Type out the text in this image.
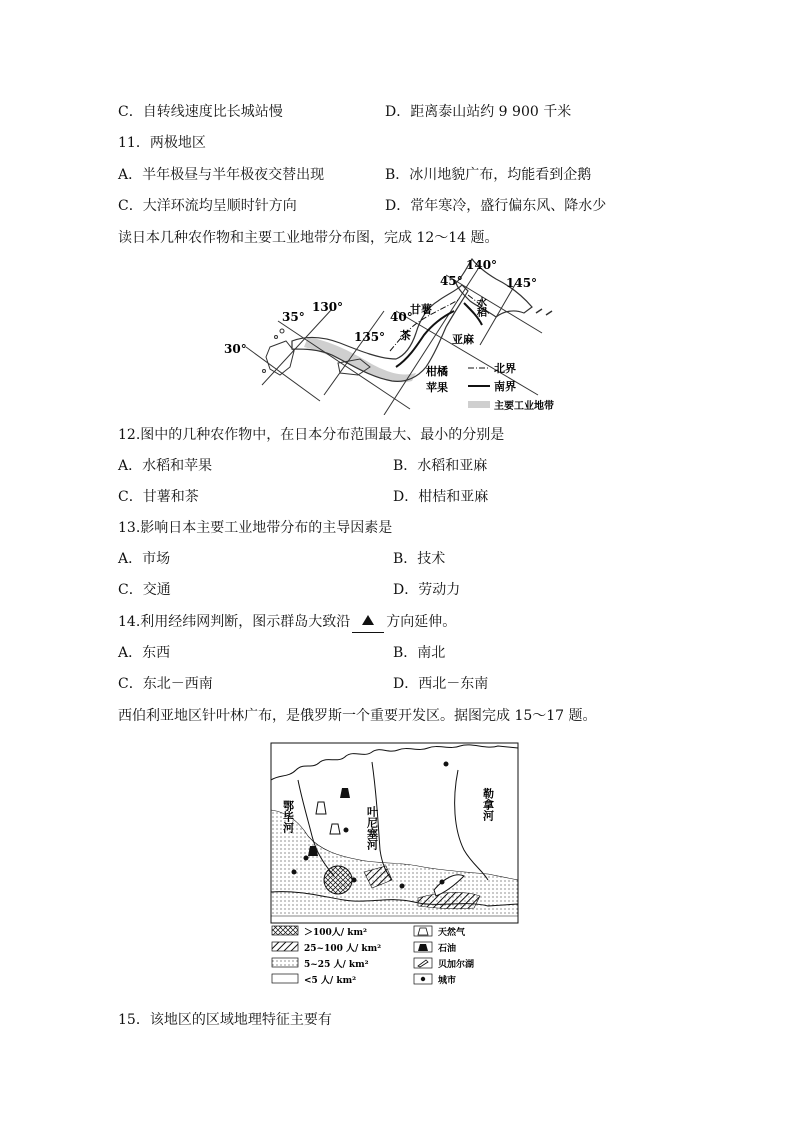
C．自转线速度比长城站慢	D．距离泰山站约 9 900 千米
11．两极地区
A．半年极昼与半年极夜交替出现	B．冰川地貌广布，均能看到企鹅
C．大洋环流均呈顺时针方向	D．常年寒冷，盛行偏东风、降水少
读日本几种农作物和主要工业地带分布图，完成 12～14 题。
30°
35°	40°
45°
130°
135°
140°
145°
甘薯
茶
水稻
亚麻
柑橘
苹果
北界
南界
主要工业地带
12.图中的几种农作物中，在日本分布范围最大、最小的分别是
A．水稻和苹果	B．水稻和亚麻
C．甘薯和茶	D．柑桔和亚麻
13.影响日本主要工业地带分布的主导因素是
A．市场	B．技术
C．交通	D．劳动力
14.利用经纬网判断，图示群岛大致沿	方向延伸。
A．东西	B．南北
C．东北－西南	D．西北－东南
西伯利亚地区针叶林广布，是俄罗斯一个重要开发区。据图完成 15～17 题。
鄂毕河	叶尼塞河
勒拿河
＞100人/ km²
25~100 人/ km²
5~25 人/ km²
<5 人/ km²
天然气
石油
贝加尔湖
城市
15．该地区的区域地理特征主要有
